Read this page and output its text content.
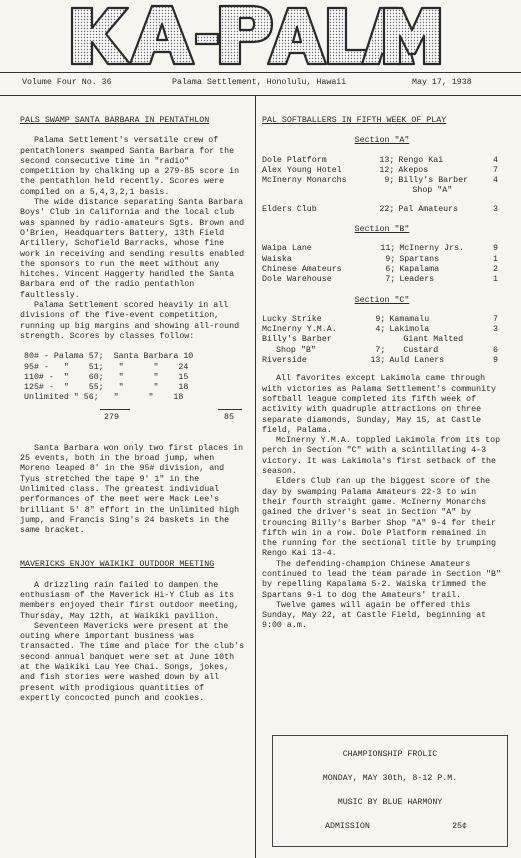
Volume Four No. 36	Palama Settlement, Honolulu, Hawaii	May 17, 1938
PALS SWAMP SANTA BARBARA IN PENTATHLON

Palama Settlement's versatile crew of pentathloners swamped Santa Barbara for the second consecutive time in "radio" competition by chalking up a 279-85 score in the pentathlon held recently. Scores were compiled on a 5,4,3,2,1 basis.

The wide distance separating Santa Barbara Boys' Club in California and the local club was spanned by radio-amateurs Sgts. Brown and O'Brien, Headquarters Battery, 13th Field Artillery, Schofield Barracks, whose fine work in receiving and sending results enabled the sponsors to run the meet without any hitches. Vincent Haggerty handled the Santa Barbara end of the radio pentathlon faultlessly.

Palama Settlement scored heavily in all divisions of the five-event competition, running up big margins and showing all-round strength. Scores by classes follow:

80# - Palama 57;  Santa Barbara 10
95# -   "    51;   "      "    24
110# -  "    60;   "      "    15
125# -  "    55;   "      "    18
Unlimited " 56;   "      "    18
279	85

Santa Barbara won only two first places in 25 events, both in the broad jump, when Moreno leaped 8' in the 95# division, and Tyus stretched the tape 9' 1" in the Unlimited class. The greatest individual performances of the meet were Mack Lee's brilliant 5' 8" effort in the Unlimited high jump, and Francis Sing's 24 baskets in the same bracket.

MAVERICKS ENJOY WAIKIKI OUTDOOR MEETING

A drizzling rain failed to dampen the enthusiasm of the Maverick Hi-Y Club as its members enjoyed their first outdoor meeting, Thursday, May 12th, at Waikiki pavilion.

Seventeen Mavericks were present at the outing where important business was transacted. The time and place for the club's second annual banquet were set at June 10th at the Waikiki Lau Yee Chai. Songs, jokes, and fish stories were washed down by all present with prodigious quantities of expertly concocted punch and cookies.

PAL SOFTBALLERS IN FIFTH WEEK OF PLAY
Section "A"
Dole Platform	13;	Rengo Kai	4
Alex Young Hotel	12;	Akepos	7
McInerny Monarchs	9;	Billy's Barber	4
		Shop "A"	
Elders Club	22;	Pal Amateurs	3
Section "B"
Waipa Lane	11;	McInerny Jrs.	9
Waiska	9;	Spartans	1
Chinese Amateurs	6;	Kapalama	2
Dole Warehouse	7;	Leaders	1
Section "C"
Lucky Strike	9;	Kamamalu	7
McInerny Y.M.A.	4;	Lakimola	3
Billy's Barber		Giant Malted	
Shop "B"	7;	Custard	6
Riverside	13;	Auld Laners	9

All favorites except Lakimola came through with victories as Palama Settlement's community softball league completed its fifth week of activity with quadruple attractions on three separate diamonds, Sunday, May 15, at Castle field, Palama.

McInerny Y.M.A. toppled Lakimola from its top perch in Section "C" with a scintillating 4-3 victory. It was Lakimola's first setback of the season.

Elders Club ran up the biggest score of the day by swamping Palama Amateurs 22-3 to win their fourth straight game. McInerny Monarchs gained the driver's seat in Section "A" by trouncing Billy's Barber Shop "A" 9-4 for their fifth win in a row. Dole Platform remained in the running for the sectional title by trumping Rengo Kai 13-4.

The defending-champion Chinese Amateurs continued to lead the team parade in Section "B" by repelling Kapalama 5-2. Waiska trimmed the Spartans 9-1 to dog the Amateurs' trail.

Twelve games will again be offered this Sunday, May 22, at Castle Field, beginning at 9:00 a.m.

CHAMPIONSHIP FROLIC
MONDAY, MAY 30th, 8-12 P.M.
MUSIC BY BLUE HARMONY
ADMISSION	25¢
